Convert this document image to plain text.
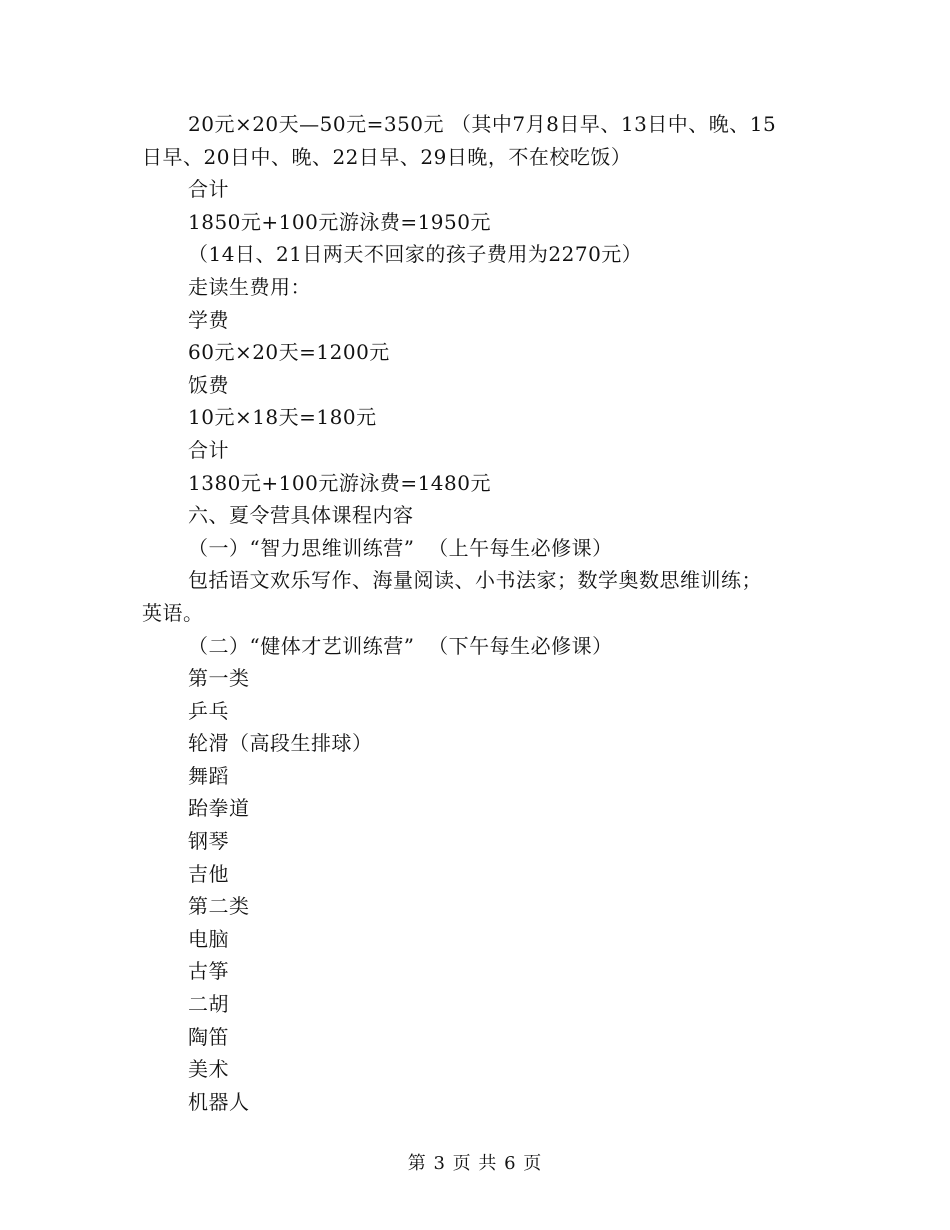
20元×20天—50元=350元 （其中7月8日早、13日中、晚、15
日早、20日中、晚、22日早、29日晚，不在校吃饭）
合计
1850元+100元游泳费=1950元
（14日、21日两天不回家的孩子费用为2270元）
走读生费用：
学费
60元×20天=1200元
饭费
10元×18天=180元
合计
1380元+100元游泳费=1480元
六、夏令营具体课程内容
（一）“智力思维训练营”  （上午每生必修课）
包括语文欢乐写作、海量阅读、小书法家；数学奥数思维训练；
英语。
（二）“健体才艺训练营”  （下午每生必修课）
第一类
乒乓
轮滑（高段生排球）
舞蹈
跆拳道
钢琴
吉他
第二类
电脑
古筝
二胡
陶笛
美术
机器人
第 3 页 共 6 页
